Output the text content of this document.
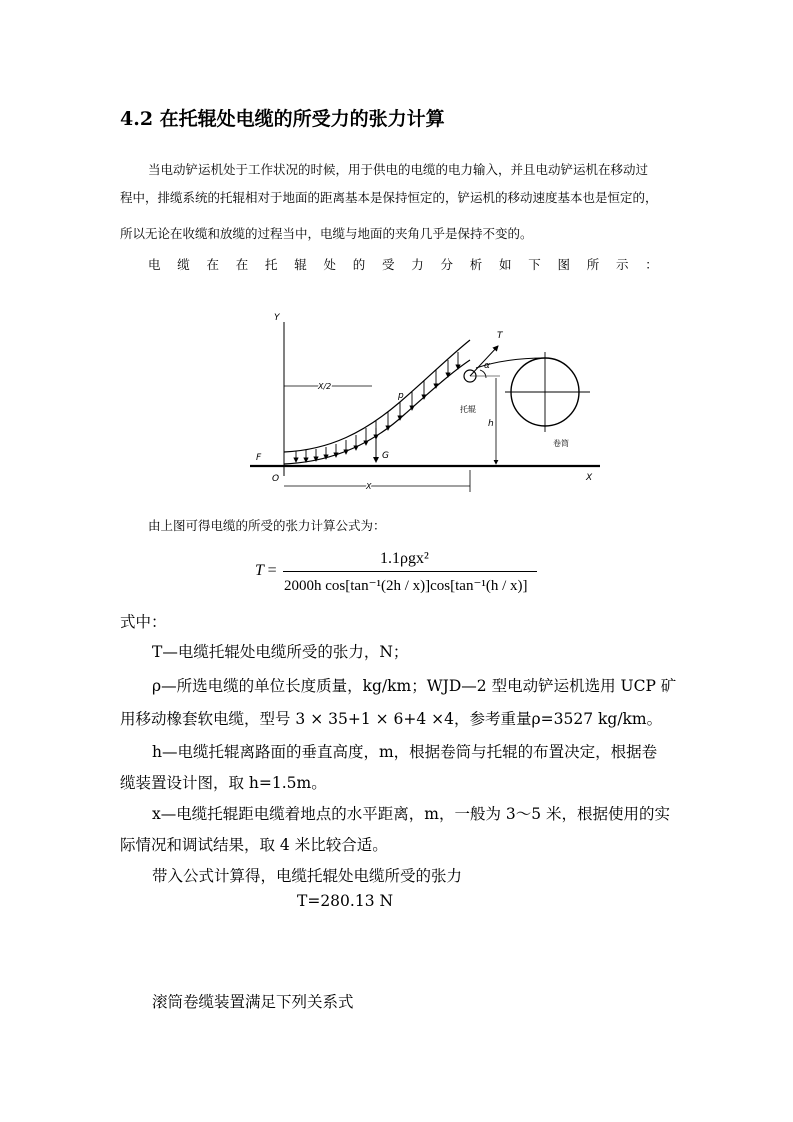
4.2 在托辊处电缆的所受力的张力计算
当电动铲运机处于工作状况的时候，用于供电的电缆的电力输入，并且电动铲运机在移动过
程中，排缆系统的托辊相对于地面的距离基本是保持恒定的，铲运机的移动速度基本也是恒定的，
所以无论在收缆和放缆的过程当中，电缆与地面的夹角几乎是保持不变的。
电 缆 在 在 托 辊 处 的 受 力 分 析 如 下 图 所 示 ：
Y
X
O
F
p
G
X/2
X
托辊
T
α
h
卷筒
由上图可得电缆的所受的张力计算公式为：
T =
1.1ρgx²
2000h cos[tan⁻¹(2h / x)]cos[tan⁻¹(h / x)]
式中：
T—电缆托辊处电缆所受的张力，N；
ρ—所选电缆的单位长度质量，kg/km；WJD—2 型电动铲运机选用 UCP 矿
用移动橡套软电缆，型号 3 × 35+1 × 6+4 ×4，参考重量ρ=3527 kg/km。
h—电缆托辊离路面的垂直高度，m，根据卷筒与托辊的布置决定，根据卷
缆装置设计图，取 h=1.5m。
x—电缆托辊距电缆着地点的水平距离，m，一般为 3～5 米，根据使用的实
际情况和调试结果，取 4 米比较合适。
带入公式计算得，电缆托辊处电缆所受的张力
T=280.13 N
滚筒卷缆装置满足下列关系式
